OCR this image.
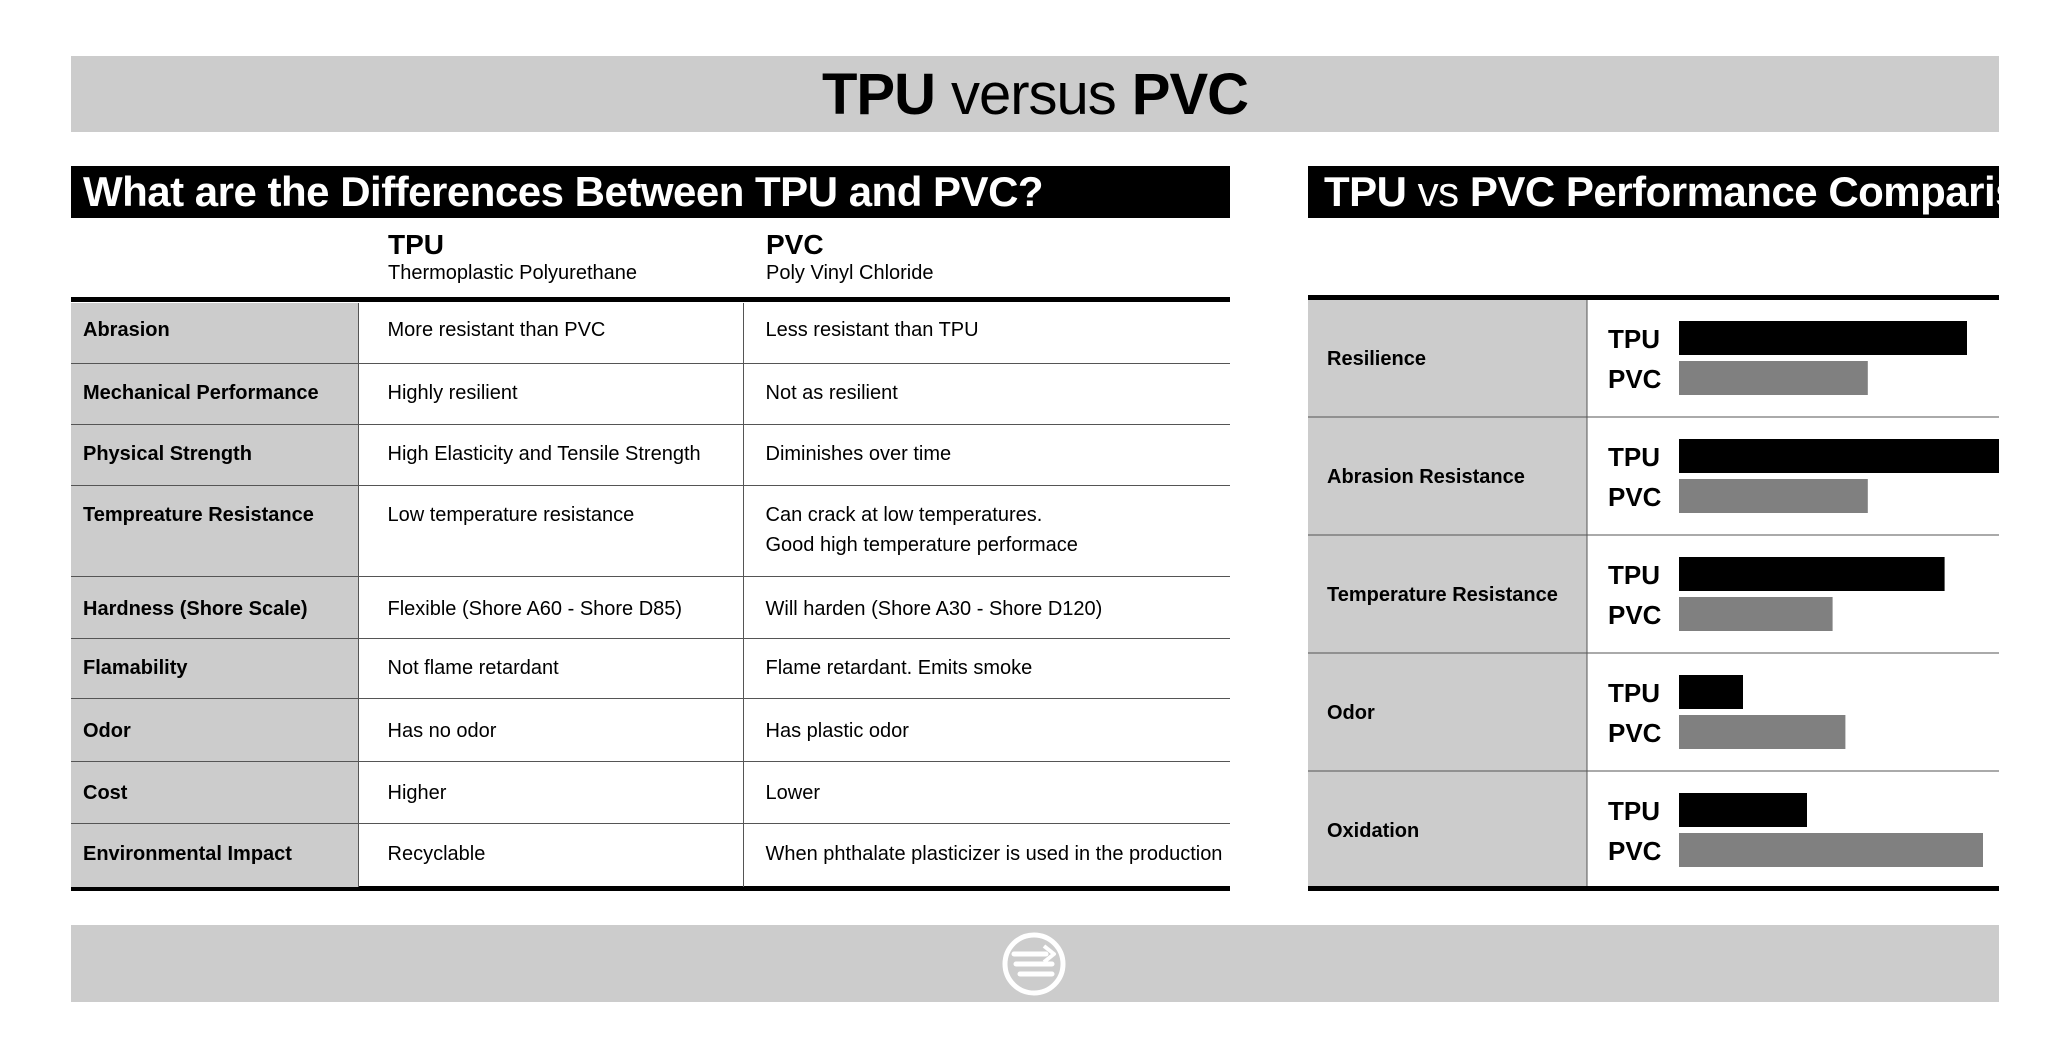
TPU versus PVC
What are the Differences Between TPU and PVC?	TPU vs PVC Performance Comparison
TPU
Thermoplastic Polyurethane
PVC
Poly Vinyl Chloride
Abrasion	More resistant than PVC	Less resistant than TPU
Mechanical Performance	Highly resilient	Not as resilient
Physical Strength	High Elasticity and Tensile Strength	Diminishes over time
Tempreature Resistance	Low temperature resistance	Can crack at low temperatures.
Good high temperature performace

Hardness (Shore Scale)	Flexible (Shore A60 - Shore D85)	Will harden (Shore A30 - Shore D120)
Flamability	Not flame retardant	Flame retardant. Emits smoke
Odor	Has no odor	Has plastic odor
Cost	Higher	Lower
Environmental Impact	Recyclable	When phthalate plasticizer is used in the production
Resilience
TPU
PVC
Abrasion Resistance
TPU
PVC
Temperature Resistance
TPU
PVC
Odor
TPU
PVC
Oxidation
TPU
PVC
